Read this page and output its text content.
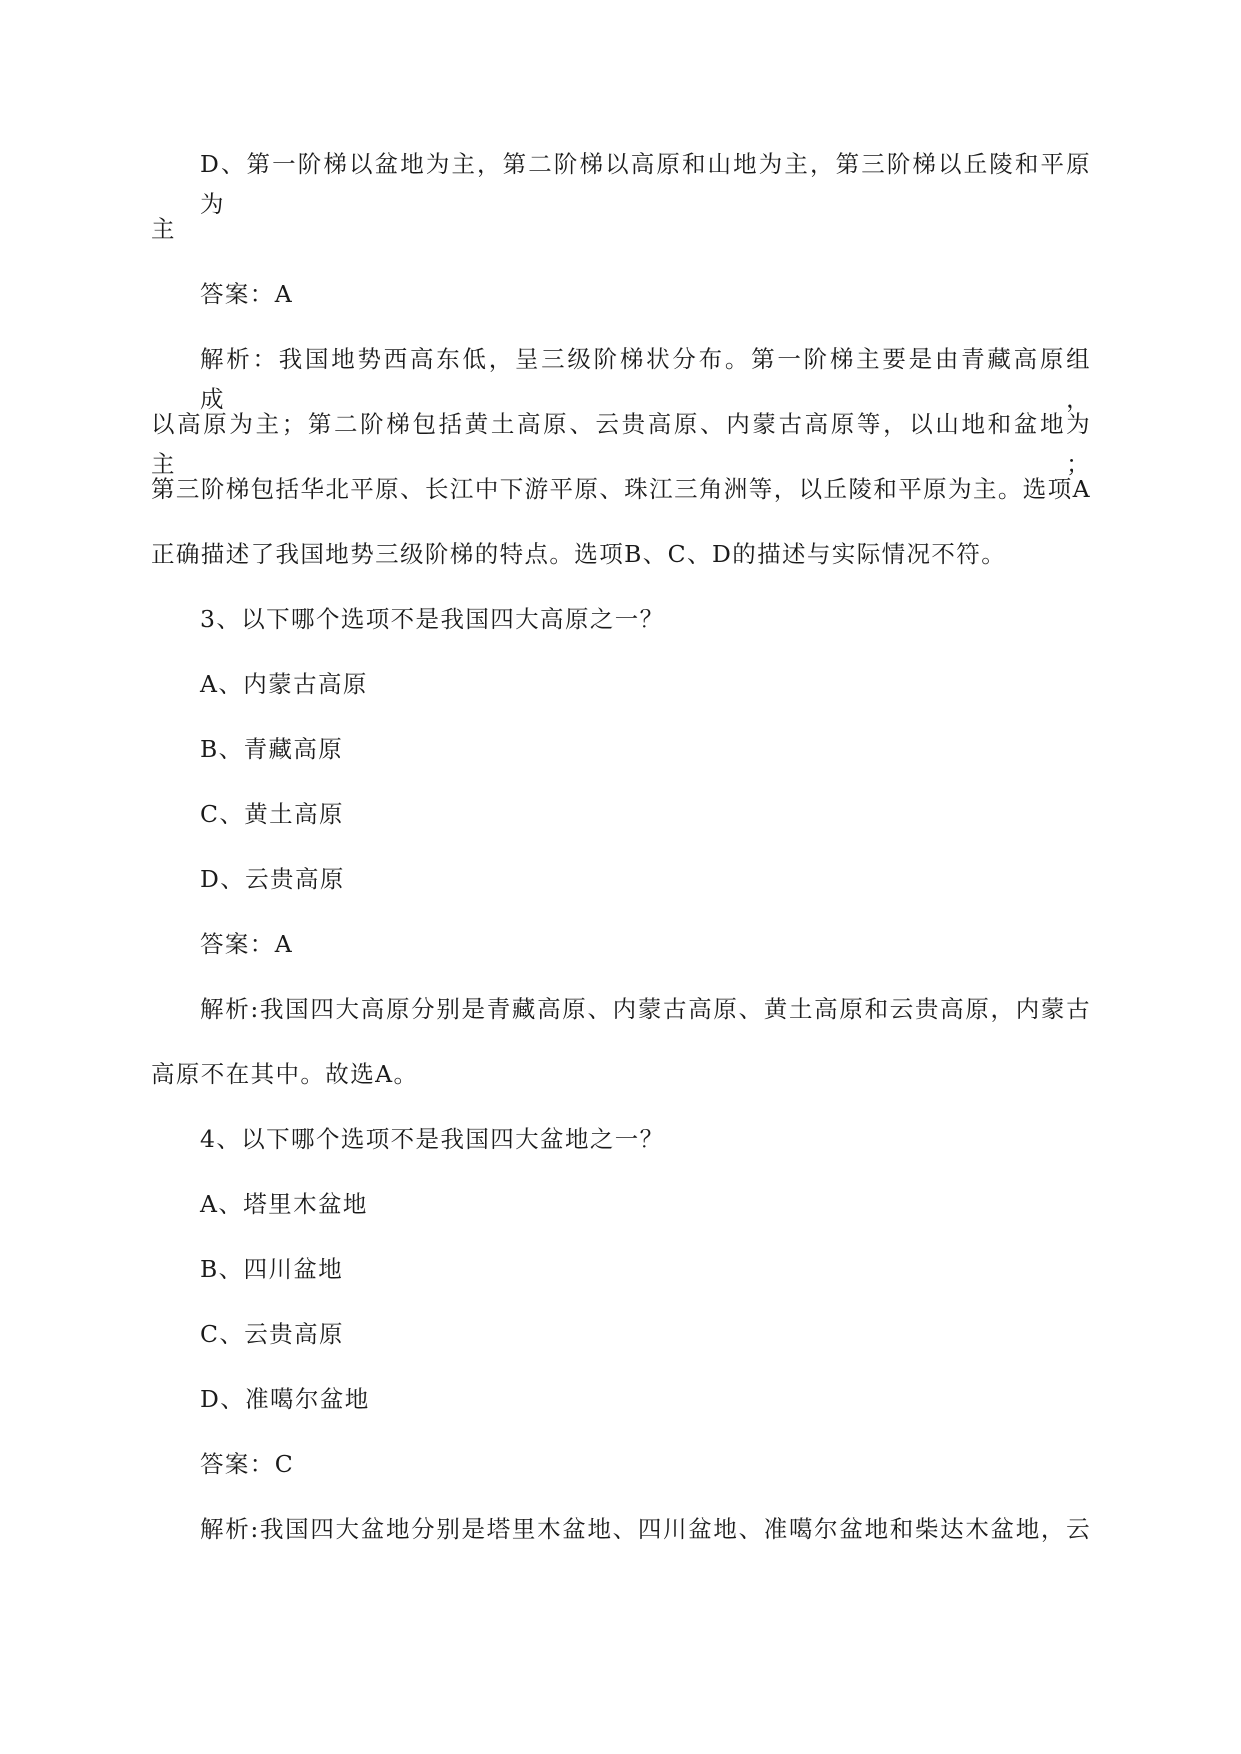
D、第一阶梯以盆地为主，第二阶梯以高原和山地为主，第三阶梯以丘陵和平原为
主
答案：A
解析：我国地势西高东低，呈三级阶梯状分布。第一阶梯主要是由青藏高原组成，
以高原为主；第二阶梯包括黄土高原、云贵高原、内蒙古高原等，以山地和盆地为主；
第三阶梯包括华北平原、长江中下游平原、珠江三角洲等，以丘陵和平原为主。选项A
正确描述了我国地势三级阶梯的特点。选项B、C、D的描述与实际情况不符。
3、以下哪个选项不是我国四大高原之一？
A、内蒙古高原
B、青藏高原
C、黄土高原
D、云贵高原
答案：A
解析:我国四大高原分别是青藏高原、内蒙古高原、黄土高原和云贵高原，内蒙古
高原不在其中。故选A。
4、以下哪个选项不是我国四大盆地之一？
A、塔里木盆地
B、四川盆地
C、云贵高原
D、准噶尔盆地
答案：C
解析:我国四大盆地分别是塔里木盆地、四川盆地、准噶尔盆地和柴达木盆地，云
